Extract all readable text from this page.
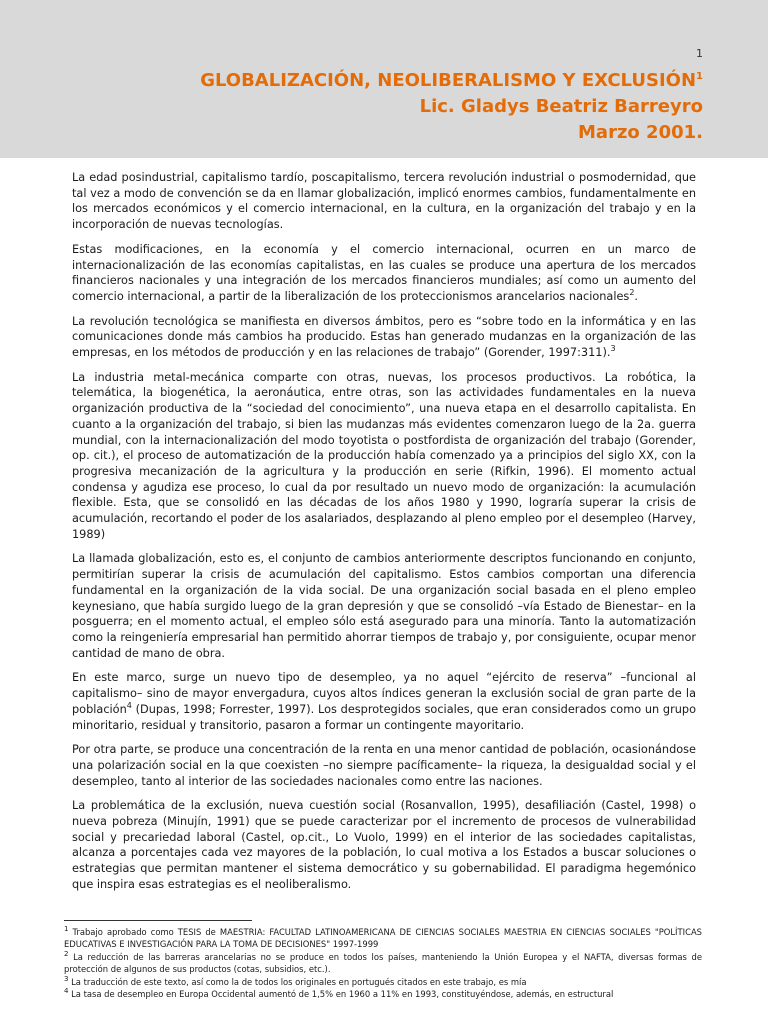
1
GLOBALIZACIÓN, NEOLIBERALISMO Y EXCLUSIÓN$^1$
Lic. Gladys Beatriz Barreyro
Marzo 2001.

La edad posindustrial, capitalismo tardío, poscapitalismo, tercera revolución industrial o posmodernidad, que tal vez a modo de convención se da en llamar globalización, implicó enormes cambios, fundamentalmente en los mercados económicos y el comercio internacional, en la cultura, en la organización del trabajo y en la incorporación de nuevas tecnologías.

Estas modificaciones, en la economía y el comercio internacional, ocurren en un marco de internacionalización de las economías capitalistas, en las cuales se produce una apertura de los mercados financieros nacionales y una integración de los mercados financieros mundiales; así como un aumento del comercio internacional, a partir de la liberalización de los proteccionismos arancelarios nacionales$^2$.

La revolución tecnológica se manifiesta en diversos ámbitos, pero es “sobre todo en la informática y en las comunicaciones donde más cambios ha producido. Estas han generado mudanzas en la organización de las empresas, en los métodos de producción y en las relaciones de trabajo” (Gorender, 1997:311).$^3$

La industria metal-mecánica comparte con otras, nuevas, los procesos productivos. La robótica, la telemática, la biogenética, la aeronáutica, entre otras, son las actividades fundamentales en la nueva organización productiva de la “sociedad del conocimiento”, una nueva etapa en el desarrollo capitalista. En cuanto a la organización del trabajo, si bien las mudanzas más evidentes comenzaron luego de la 2a. guerra mundial, con la internacionalización del modo toyotista o postfordista de organización del trabajo (Gorender, op. cit.), el proceso de automatización de la producción había comenzado ya a principios del siglo XX, con la progresiva mecanización de la agricultura y la producción en serie (Rifkin, 1996). El momento actual condensa y agudiza ese proceso, lo cual da por resultado un nuevo modo de organización: la acumulación flexible. Esta, que se consolidó en las décadas de los años 1980 y 1990, lograría superar la crisis de acumulación, recortando el poder de los asalariados, desplazando al pleno empleo por el desempleo (Harvey, 1989)

La llamada globalización, esto es, el conjunto de cambios anteriormente descriptos funcionando en conjunto, permitirían superar la crisis de acumulación del capitalismo. Estos cambios comportan una diferencia fundamental en la organización de la vida social. De una organización social basada en el pleno empleo keynesiano, que había surgido luego de la gran depresión y que se consolidó –vía Estado de Bienestar– en la posguerra; en el momento actual, el empleo sólo está asegurado para una minoría. Tanto la automatización como la reingeniería empresarial han permitido ahorrar tiempos de trabajo y, por consiguiente, ocupar menor cantidad de mano de obra.

En este marco, surge un nuevo tipo de desempleo, ya no aquel “ejército de reserva” –funcional al capitalismo– sino de mayor envergadura, cuyos altos índices generan la exclusión social de gran parte de la población$^4$ (Dupas, 1998; Forrester, 1997). Los desprotegidos sociales, que eran considerados como un grupo minoritario, residual y transitorio, pasaron a formar un contingente mayoritario.

Por otra parte, se produce una concentración de la renta en una menor cantidad de población, ocasionándose una polarización social en la que coexisten –no siempre pacíficamente– la riqueza, la desigualdad social y el desempleo, tanto al interior de las sociedades nacionales como entre las naciones.

La problemática de la exclusión, nueva cuestión social (Rosanvallon, 1995), desafiliación (Castel, 1998) o nueva pobreza (Minujín, 1991) que se puede caracterizar por el incremento de procesos de vulnerabilidad social y precariedad laboral (Castel, op.cit., Lo Vuolo, 1999) en el interior de las sociedades capitalistas, alcanza a porcentajes cada vez mayores de la población, lo cual motiva a los Estados a buscar soluciones o estrategias que permitan mantener el sistema democrático y su gobernabilidad. El paradigma hegemónico que inspira esas estrategias es el neoliberalismo.

$^1$ Trabajo aprobado como TESIS de MAESTRIA: FACULTAD LATINOAMERICANA DE CIENCIAS SOCIALES MAESTRIA EN CIENCIAS SOCIALES "POLÍTICAS EDUCATIVAS E INVESTIGACIÓN PARA LA TOMA DE DECISIONES" 1997-1999

$^2$ La reducción de las barreras arancelarias no se produce en todos los países, manteniendo la Unión Europea y el NAFTA, diversas formas de protección de algunos de sus productos (cotas, subsidios, etc.).

$^3$ La traducción de este texto, así como la de todos los originales en portugués citados en este trabajo, es mía

$^4$ La tasa de desempleo en Europa Occidental aumentó de 1,5% en 1960 a 11% en 1993, constituyéndose, además, en estructural
